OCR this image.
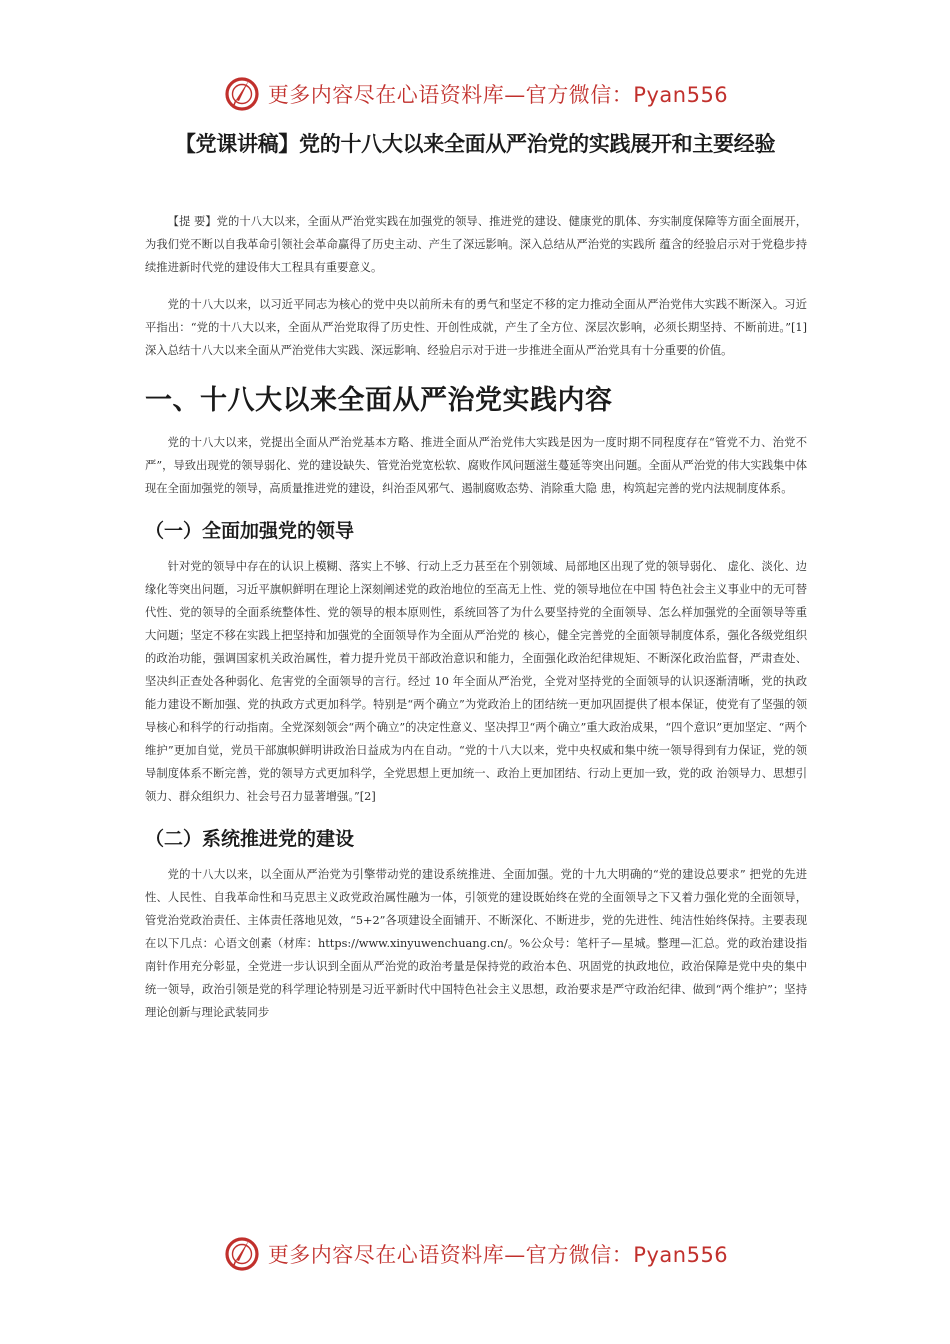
更多内容尽在心语资料库—官方微信：Pyan556
【党课讲稿】党的十八大以来全面从严治党的实践展开和主要经验

【提 要】党的十八大以来，全面从严治党实践在加强党的领导、推进党的建设、健康党的肌体、夯实制度保障等方面全面展开，为我们党不断以自我革命引领社会革命赢得了历史主动、产生了深远影响。深入总结从严治党的实践所 蕴含的经验启示对于党稳步持续推进新时代党的建设伟大工程具有重要意义。

党的十八大以来，以习近平同志为核心的党中央以前所未有的勇气和坚定不移的定力推动全面从严治党伟大实践不断深入。习近平指出：“党的十八大以来，全面从严治党取得了历史性、开创性成就，产生了全方位、深层次影响，必须长期坚持、不断前进。”[1]深入总结十八大以来全面从严治党伟大实践、深远影响、经验启示对于进一步推进全面从严治党具有十分重要的价值。

一、十八大以来全面从严治党实践内容

党的十八大以来，党提出全面从严治党基本方略、推进全面从严治党伟大实践是因为一度时期不同程度存在“管党不力、治党不严”，导致出现党的领导弱化、党的建设缺失、管党治党宽松软、腐败作风问题滋生蔓延等突出问题。全面从严治党的伟大实践集中体现在全面加强党的领导，高质量推进党的建设，纠治歪风邪气、遏制腐败态势、消除重大隐 患，构筑起完善的党内法规制度体系。

（一）全面加强党的领导

针对党的领导中存在的认识上模糊、落实上不够、行动上乏力甚至在个别领域、局部地区出现了党的领导弱化、 虚化、淡化、边缘化等突出问题，习近平旗帜鲜明在理论上深刻阐述党的政治地位的至高无上性、党的领导地位在中国 特色社会主义事业中的无可替代性、党的领导的全面系统整体性、党的领导的根本原则性，系统回答了为什么要坚持党的全面领导、怎么样加强党的全面领导等重大问题；坚定不移在实践上把坚持和加强党的全面领导作为全面从严治党的 核心，健全完善党的全面领导制度体系，强化各级党组织的政治功能，强调国家机关政治属性，着力提升党员干部政治意识和能力，全面强化政治纪律规矩、不断深化政治监督，严肃查处、坚决纠正查处各种弱化、危害党的全面领导的言行。经过 10 年全面从严治党，全党对坚持党的全面领导的认识逐渐清晰，党的执政能力建设不断加强、党的执政方式更加科学。特别是“两个确立”为党政治上的团结统一更加巩固提供了根本保证，使党有了坚强的领导核心和科学的行动指南。全党深刻领会“两个确立”的决定性意义、坚决捍卫“两个确立”重大政治成果，“四个意识”更加坚定、“两个维护”更加自觉，党员干部旗帜鲜明讲政治日益成为内在自动。“党的十八大以来，党中央权威和集中统一领导得到有力保证，党的领导制度体系不断完善，党的领导方式更加科学，全党思想上更加统一、政治上更加团结、行动上更加一致，党的政 治领导力、思想引领力、群众组织力、社会号召力显著增强。”[2]

（二）系统推进党的建设

党的十八大以来，以全面从严治党为引擎带动党的建设系统推进、全面加强。党的十九大明确的“党的建设总要求” 把党的先进性、人民性、自我革命性和马克思主义政党政治属性融为一体，引领党的建设既始终在党的全面领导之下又着力强化党的全面领导，管党治党政治责任、主体责任落地见效，“5+2”各项建设全面铺开、不断深化、不断进步，党的先进性、纯洁性始终保持。主要表现在以下几点：心语文创素（材库：https://www.xinyuwenchuang.cn/。%公众号：笔杆子—星城。整理—汇总。党的政治建设指南针作用充分彰显，全党进一步认识到全面从严治党的政治考量是保持党的政治本色、巩固党的执政地位，政治保障是党中央的集中统一领导，政治引领是党的科学理论特别是习近平新时代中国特色社会主义思想，政治要求是严守政治纪律、做到“两个维护”；坚持理论创新与理论武装同步

更多内容尽在心语资料库—官方微信：Pyan556
